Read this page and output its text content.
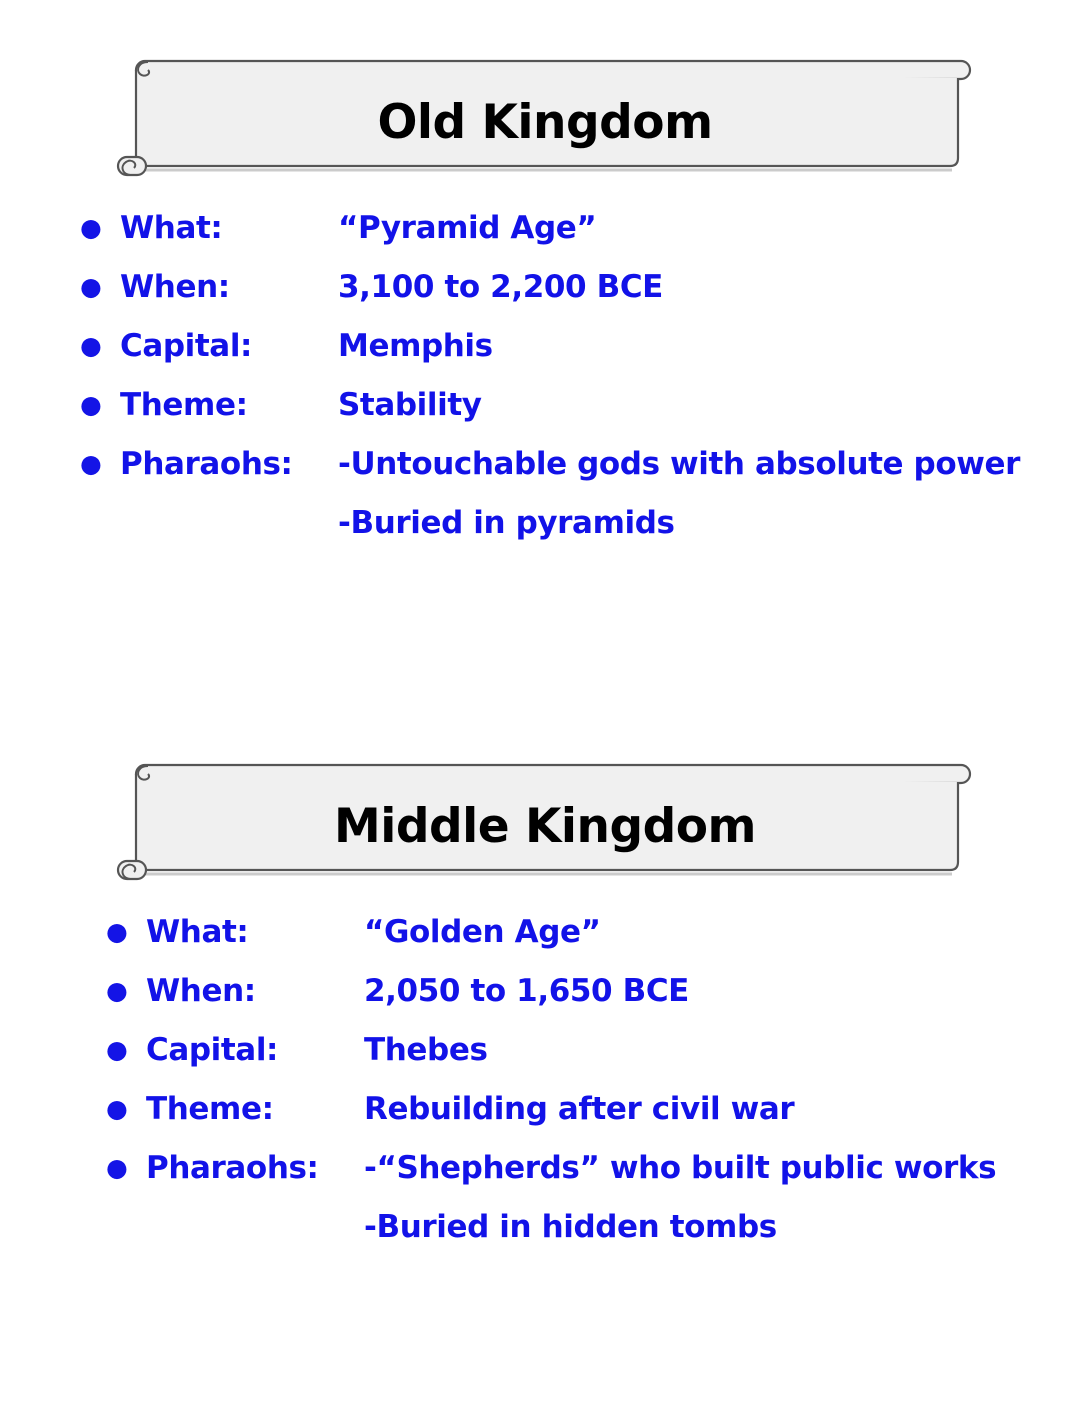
Old Kingdom
● What:	“Pyramid Age”
● When:	3,100 to 2,200 BCE
● Capital:	Memphis
● Theme:	Stability
● Pharaohs: -Untouchable gods with absolute power
-Buried in pyramids
Middle Kingdom
● What:	“Golden Age”
● When:	2,050 to 1,650 BCE
● Capital:	Thebes
● Theme:	Rebuilding after civil war
● Pharaohs: -“Shepherds” who built public works
-Buried in hidden tombs
